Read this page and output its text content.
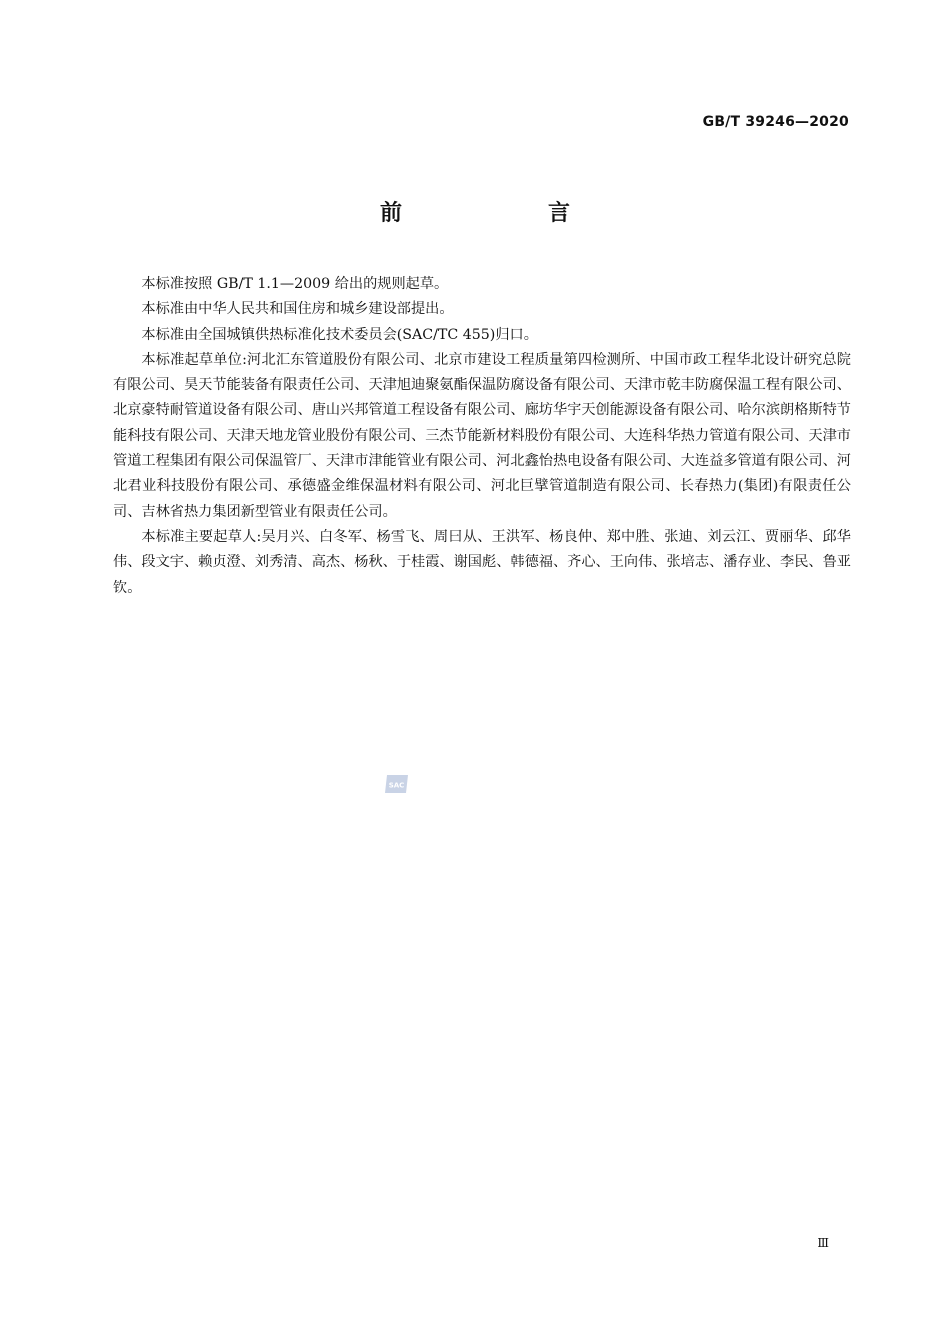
GB/T 39246—2020
前　言

本标准按照 GB/T 1.1—2009 给出的规则起草。

本标准由中华人民共和国住房和城乡建设部提出。

本标准由全国城镇供热标准化技术委员会(SAC/TC 455)归口。

本标准起草单位:河北汇东管道股份有限公司、北京市建设工程质量第四检测所、中国市政工程华北设计研究总院有限公司、昊天节能装备有限责任公司、天津旭迪聚氨酯保温防腐设备有限公司、天津市乾丰防腐保温工程有限公司、北京豪特耐管道设备有限公司、唐山兴邦管道工程设备有限公司、廊坊华宇天创能源设备有限公司、哈尔滨朗格斯特节能科技有限公司、天津天地龙管业股份有限公司、三杰节能新材料股份有限公司、大连科华热力管道有限公司、天津市管道工程集团有限公司保温管厂、天津市津能管业有限公司、河北鑫怡热电设备有限公司、大连益多管道有限公司、河北君业科技股份有限公司、承德盛金维保温材料有限公司、河北巨擘管道制造有限公司、长春热力(集团)有限责任公司、吉林省热力集团新型管业有限责任公司。

本标准主要起草人:吴月兴、白冬军、杨雪飞、周曰从、王洪军、杨良仲、郑中胜、张迪、刘云江、贾丽华、邱华伟、段文宇、赖贞澄、刘秀清、高杰、杨秋、于桂霞、谢国彪、韩德福、齐心、王向伟、张培志、潘存业、李民、鲁亚钦。

SAC
Ⅲ
